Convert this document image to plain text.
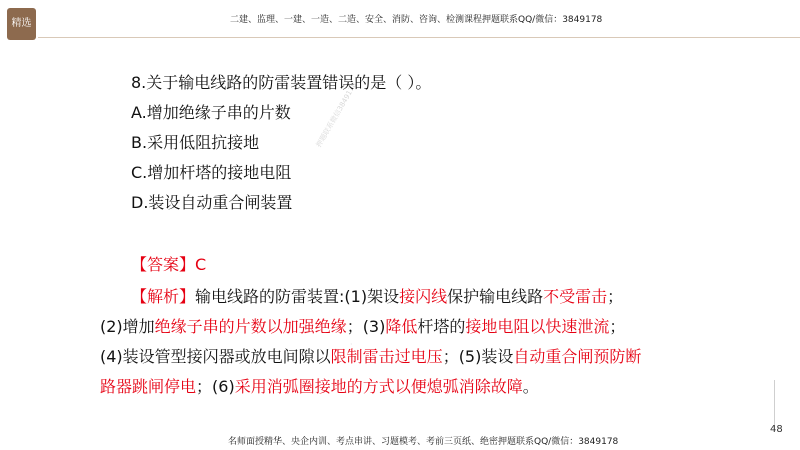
精选	二建、监理、一建、一造、二造、安全、消防、咨询、检测课程押题联系QQ/微信：3849178
押题联系微信3849178
8.关于输电线路的防雷装置错误的是（ ）。
A.增加绝缘子串的片数
B.采用低阻抗接地
C.增加杆塔的接地电阻
D.装设自动重合闸装置
【答案】C
【解析】输电线路的防雷装置:(1)架设接闪线保护输电线路不受雷击；(2)增加绝缘子串的片数以加强绝缘；(3)降低杆塔的接地电阻以快速泄流；(4)装设管型接闪器或放电间隙以限制雷击过电压；(5)装设自动重合闸预防断路器跳闸停电；(6)采用消弧圈接地的方式以便熄弧消除故障。
·
48
名师面授精华、央企内训、考点串讲、习题模考、考前三页纸、绝密押题联系QQ/微信：3849178
